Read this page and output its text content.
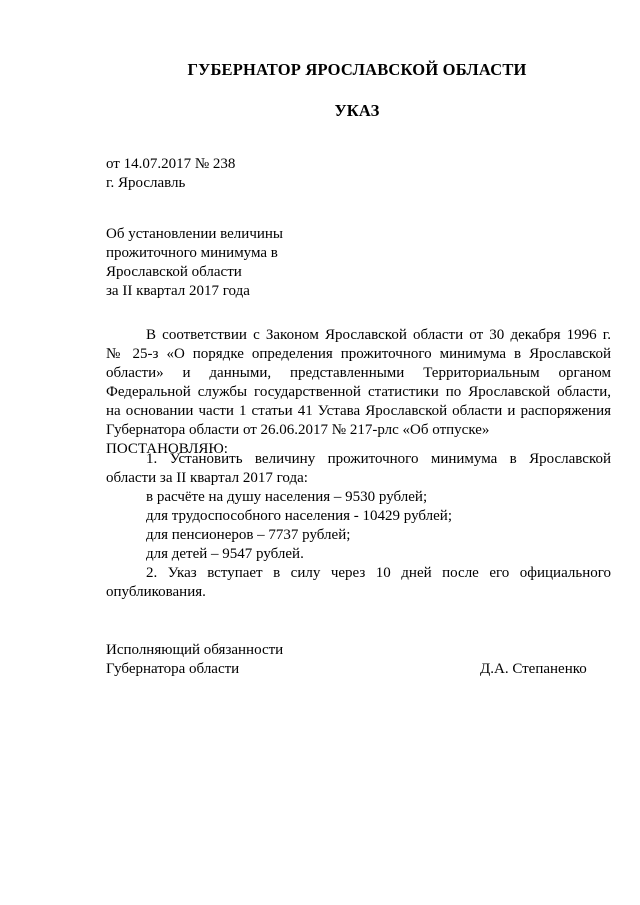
ГУБЕРНАТОР ЯРОСЛАВСКОЙ ОБЛАСТИ
УКАЗ
от 14.07.2017 № 238
г. Ярославль
Об установлении величины
прожиточного минимума в
Ярославской области
за II квартал 2017 года
В соответствии с Законом Ярославской области от 30 декабря 1996 г.
№ 25-з «О порядке определения прожиточного минимума в Ярославской
области» и данными, представленными Территориальным органом
Федеральной службы государственной статистики по Ярославской области,
на основании части 1 статьи 41 Устава Ярославской области и распоряжения
Губернатора области от 26.06.2017 № 217-рлс «Об отпуске»
ПОСТАНОВЛЯЮ:
1. Установить величину прожиточного минимума в Ярославской
области за II квартал 2017 года:
в расчёте на душу населения – 9530 рублей;
для трудоспособного населения - 10429 рублей;
для пенсионеров – 7737 рублей;
для детей – 9547 рублей.
2. Указ вступает в силу через 10 дней после его официального
опубликования.
Исполняющий обязанности
Губернатора области	Д.А. Степаненко
